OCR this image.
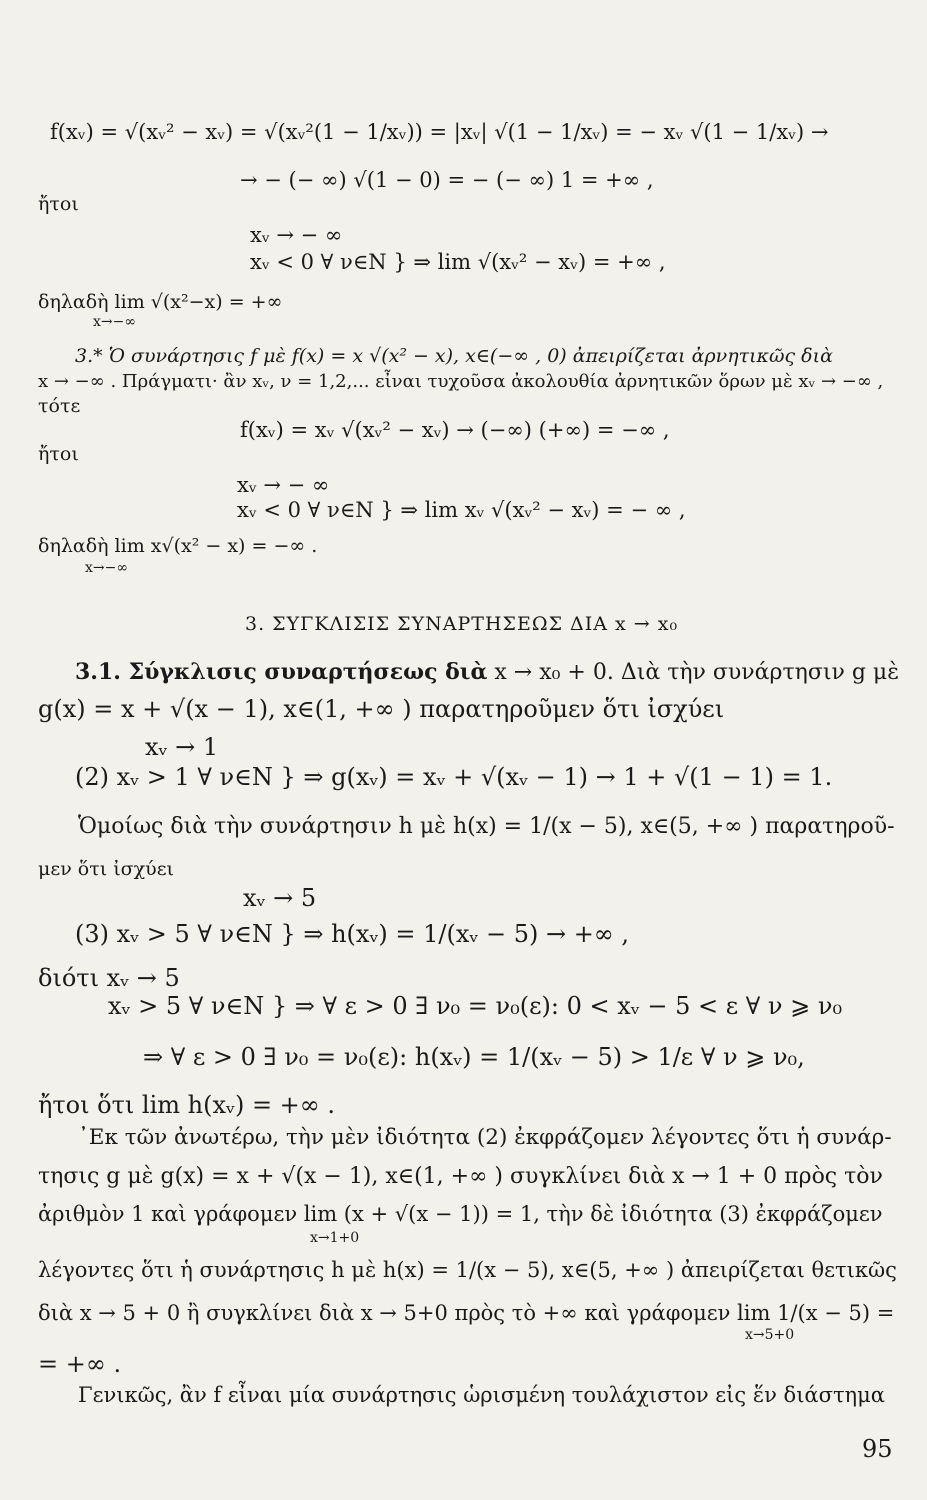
f(xᵥ) = √(xᵥ² − xᵥ) = √(xᵥ²(1 − 1/xᵥ)) = |xᵥ| √(1 − 1/xᵥ) = − xᵥ √(1 − 1/xᵥ) →
→ − (− ∞) √(1 − 0) = − (− ∞) 1 = +∞ ,
ἤτοι
xᵥ → − ∞
xᵥ < 0 ∀ ν∈N } ⇒ lim √(xᵥ² − xᵥ) = +∞ ,
δηλαδὴ lim √(x²−x) = +∞
x→−∞
3.* Ὁ συνάρτησις f μὲ f(x) = x √(x² − x), x∈(−∞ , 0) ἀπειρίζεται ἀρνητικῶς διὰ
x → −∞ . Πράγματι· ἂν xᵥ, ν = 1,2,... εἶναι τυχοῦσα ἀκολουθία ἀρνητικῶν ὅρων μὲ xᵥ → −∞ ,
τότε
f(xᵥ) = xᵥ √(xᵥ² − xᵥ) → (−∞) (+∞) = −∞ ,
ἤτοι
xᵥ → − ∞
xᵥ < 0 ∀ ν∈N } ⇒ lim xᵥ √(xᵥ² − xᵥ) = − ∞ ,
δηλαδὴ lim x√(x² − x) = −∞ .
x→−∞
3. ΣΥΓΚΛΙΣΙΣ ΣΥΝΑΡΤΗΣΕΩΣ ΔΙΑ x → x₀
3.1. Σύγκλισις συναρτήσεως διὰ x → x₀ + 0. Διὰ τὴν συνάρτησιν g μὲ
g(x) = x + √(x − 1), x∈(1, +∞ ) παρατηροῦμεν ὅτι ἰσχύει
xᵥ → 1
(2) xᵥ > 1 ∀ ν∈N } ⇒ g(xᵥ) = xᵥ + √(xᵥ − 1) → 1 + √(1 − 1) = 1.
Ὁμοίως διὰ τὴν συνάρτησιν h μὲ h(x) = 1/(x − 5), x∈(5, +∞ ) παρατηροῦ-
μεν ὅτι ἰσχύει
xᵥ → 5
(3) xᵥ > 5 ∀ ν∈N } ⇒ h(xᵥ) = 1/(xᵥ − 5) → +∞ ,
διότι xᵥ → 5
xᵥ > 5 ∀ ν∈N } ⇒ ∀ ε > 0 ∃ ν₀ = ν₀(ε): 0 < xᵥ − 5 < ε ∀ ν ⩾ ν₀
⇒ ∀ ε > 0 ∃ ν₀ = ν₀(ε): h(xᵥ) = 1/(xᵥ − 5) > 1/ε ∀ ν ⩾ ν₀,
ἤτοι ὅτι lim h(xᵥ) = +∞ .
᾿Εκ τῶν ἀνωτέρω, τὴν μὲν ἰδιότητα (2) ἐκφράζομεν λέγοντες ὅτι ἡ συνάρ-
τησις g μὲ g(x) = x + √(x − 1), x∈(1, +∞ ) συγκλίνει διὰ x → 1 + 0 πρὸς τὸν
ἀριθμὸν 1 καὶ γράφομεν lim (x + √(x − 1)) = 1, τὴν δὲ ἰδιότητα (3) ἐκφράζομεν
x→1+0
λέγοντες ὅτι ἡ συνάρτησις h μὲ h(x) = 1/(x − 5), x∈(5, +∞ ) ἀπειρίζεται θετικῶς
διὰ x → 5 + 0 ἢ συγκλίνει διὰ x → 5+0 πρὸς τὸ +∞ καὶ γράφομεν lim 1/(x − 5) =
x→5+0
= +∞ .
Γενικῶς, ἂν f εἶναι μία συνάρτησις ὡρισμένη τουλάχιστον εἰς ἕν διάστημα
95
